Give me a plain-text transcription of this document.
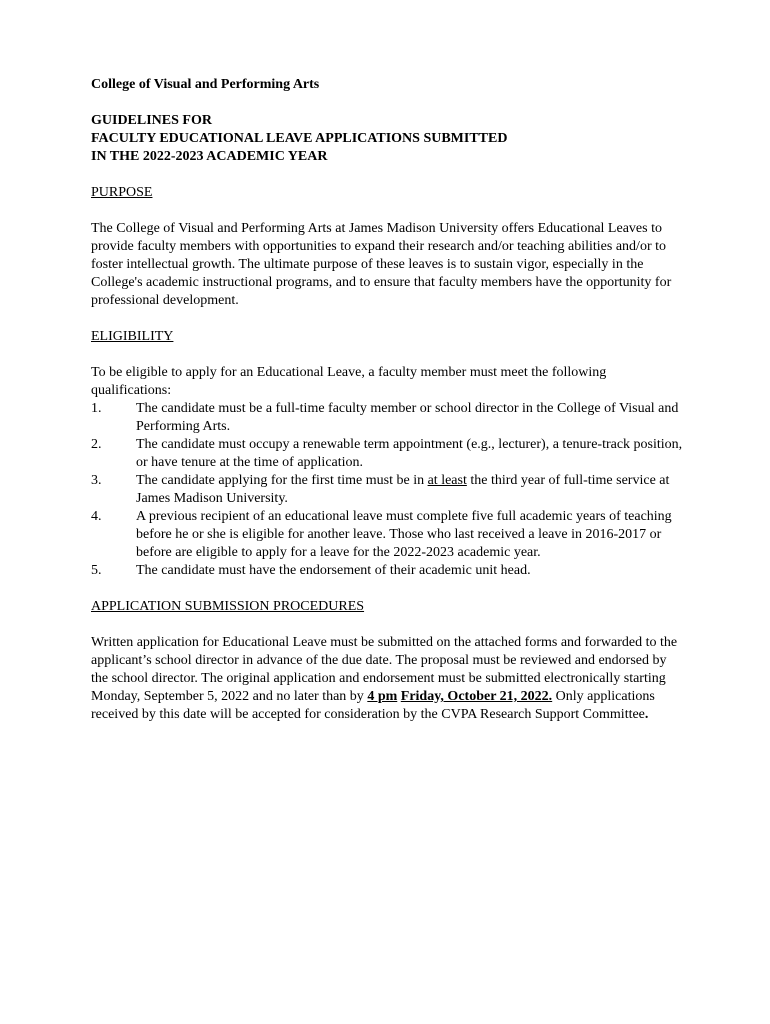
College of Visual and Performing Arts
GUIDELINES FOR
FACULTY EDUCATIONAL LEAVE APPLICATIONS SUBMITTED
IN THE 2022-2023 ACADEMIC YEAR
PURPOSE

The College of Visual and Performing Arts at James Madison University offers Educational Leaves to provide faculty members with opportunities to expand their research and/or teaching abilities and/or to foster intellectual growth. The ultimate purpose of these leaves is to sustain vigor, especially in the College's academic instructional programs, and to ensure that faculty members have the opportunity for professional development.

ELIGIBILITY
To be eligible to apply for an Educational Leave, a faculty member must meet the following qualifications:
1.	The candidate must be a full-time faculty member or school director in the College of Visual and Performing Arts.
2.	The candidate must occupy a renewable term appointment (e.g., lecturer), a tenure-track position, or have tenure at the time of application.
3.	The candidate applying for the first time must be in at least the third year of full-time service at James Madison University.
4.	A previous recipient of an educational leave must complete five full academic years of teaching before he or she is eligible for another leave. Those who last received a leave in 2016-2017 or before are eligible to apply for a leave for the 2022-2023 academic year.
5.	The candidate must have the endorsement of their academic unit head.
APPLICATION SUBMISSION PROCEDURES

Written application for Educational Leave must be submitted on the attached forms and forwarded to the applicant’s school director in advance of the due date. The proposal must be reviewed and endorsed by the school director. The original application and endorsement must be submitted electronically starting Monday, September 5, 2022 and no later than by 4 pm Friday, October 21, 2022. Only applications received by this date will be accepted for consideration by the CVPA Research Support Committee.
